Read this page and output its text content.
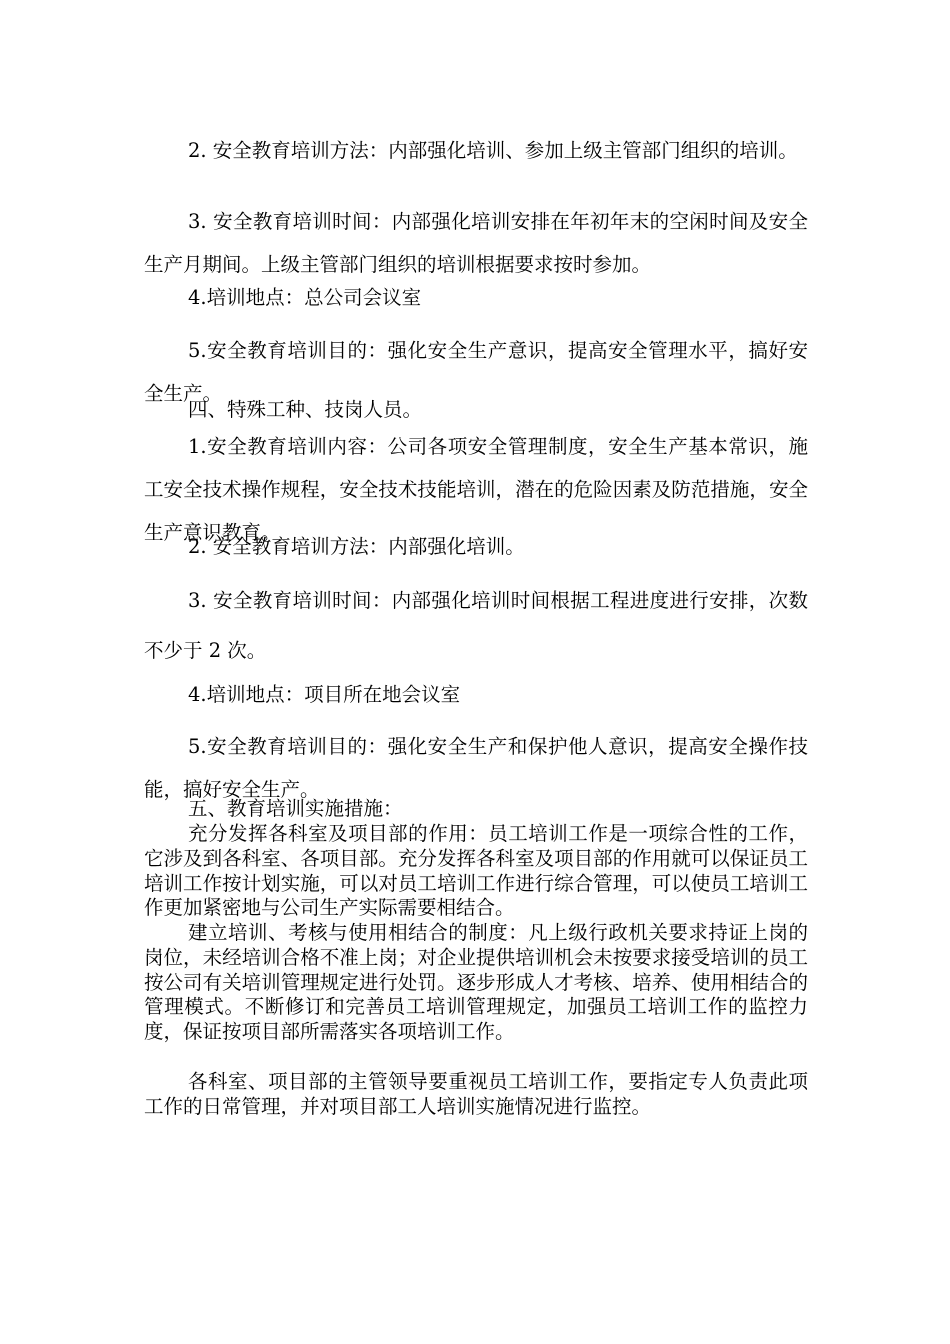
2. 安全教育培训方法：内部强化培训、参加上级主管部门组织的培训。

3. 安全教育培训时间：内部强化培训安排在年初年末的空闲时间及安全生产月期间。上级主管部门组织的培训根据要求按时参加。

4.培训地点：总公司会议室

5.安全教育培训目的：强化安全生产意识，提高安全管理水平，搞好安全生产。

四、特殊工种、技岗人员。

1.安全教育培训内容：公司各项安全管理制度，安全生产基本常识，施工安全技术操作规程，安全技术技能培训，潜在的危险因素及防范措施，安全生产意识教育。

2. 安全教育培训方法：内部强化培训。

3. 安全教育培训时间：内部强化培训时间根据工程进度进行安排，次数不少于 2 次。

4.培训地点：项目所在地会议室

5.安全教育培训目的：强化安全生产和保护他人意识，提高安全操作技能，搞好安全生产。

五、教育培训实施措施：

充分发挥各科室及项目部的作用：员工培训工作是一项综合性的工作，它涉及到各科室、各项目部。充分发挥各科室及项目部的作用就可以保证员工培训工作按计划实施，可以对员工培训工作进行综合管理，可以使员工培训工作更加紧密地与公司生产实际需要相结合。

建立培训、考核与使用相结合的制度：凡上级行政机关要求持证上岗的岗位，未经培训合格不准上岗；对企业提供培训机会未按要求接受培训的员工按公司有关培训管理规定进行处罚。逐步形成人才考核、培养、使用相结合的管理模式。不断修订和完善员工培训管理规定，加强员工培训工作的监控力度，保证按项目部所需落实各项培训工作。

各科室、项目部的主管领导要重视员工培训工作，要指定专人负责此项工作的日常管理，并对项目部工人培训实施情况进行监控。
